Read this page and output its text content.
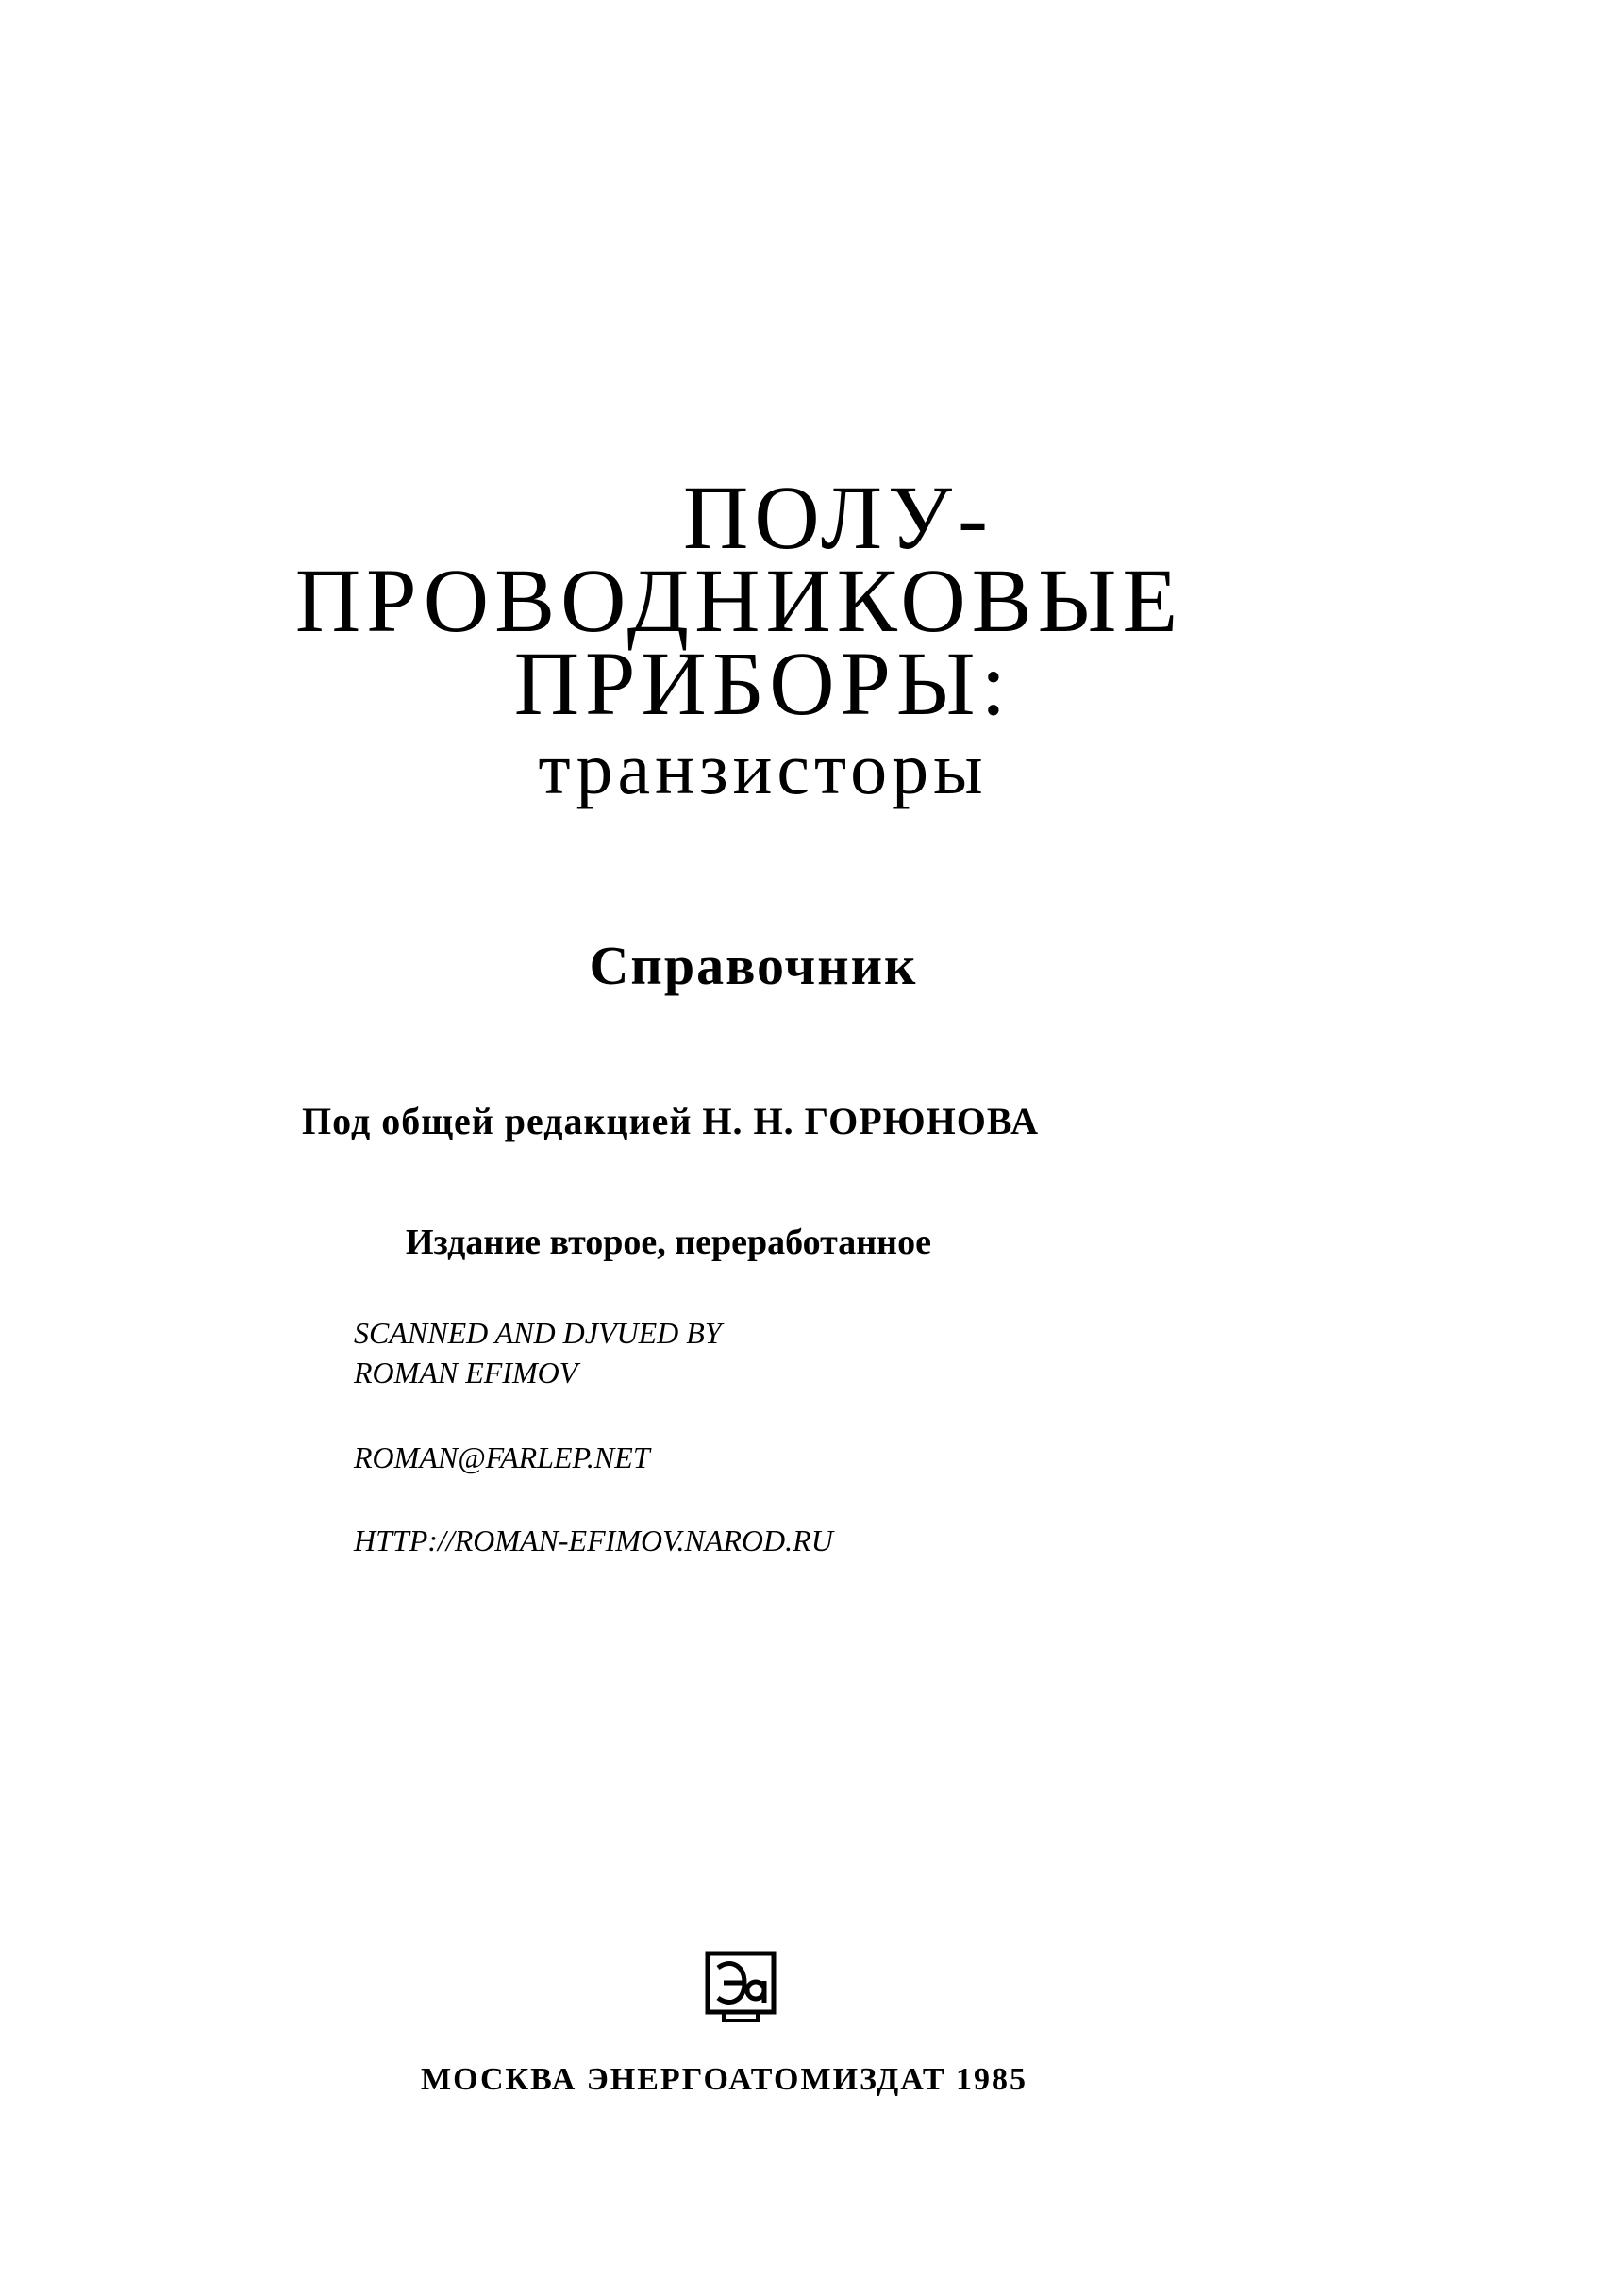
ПОЛУ-
ПРОВОДНИКОВЫЕ
ПРИБОРЫ:
транзисторы
Справочник
Под общей редакцией Н. Н. ГОРЮНОВА
Издание второе, переработанное
SCANNED AND DJVUED BY
ROMAN EFIMOV
ROMAN@FARLEP.NET
HTTP://ROMAN-EFIMOV.NAROD.RU
МОСКВА ЭНЕРГОАТОМИЗДАТ 1985
